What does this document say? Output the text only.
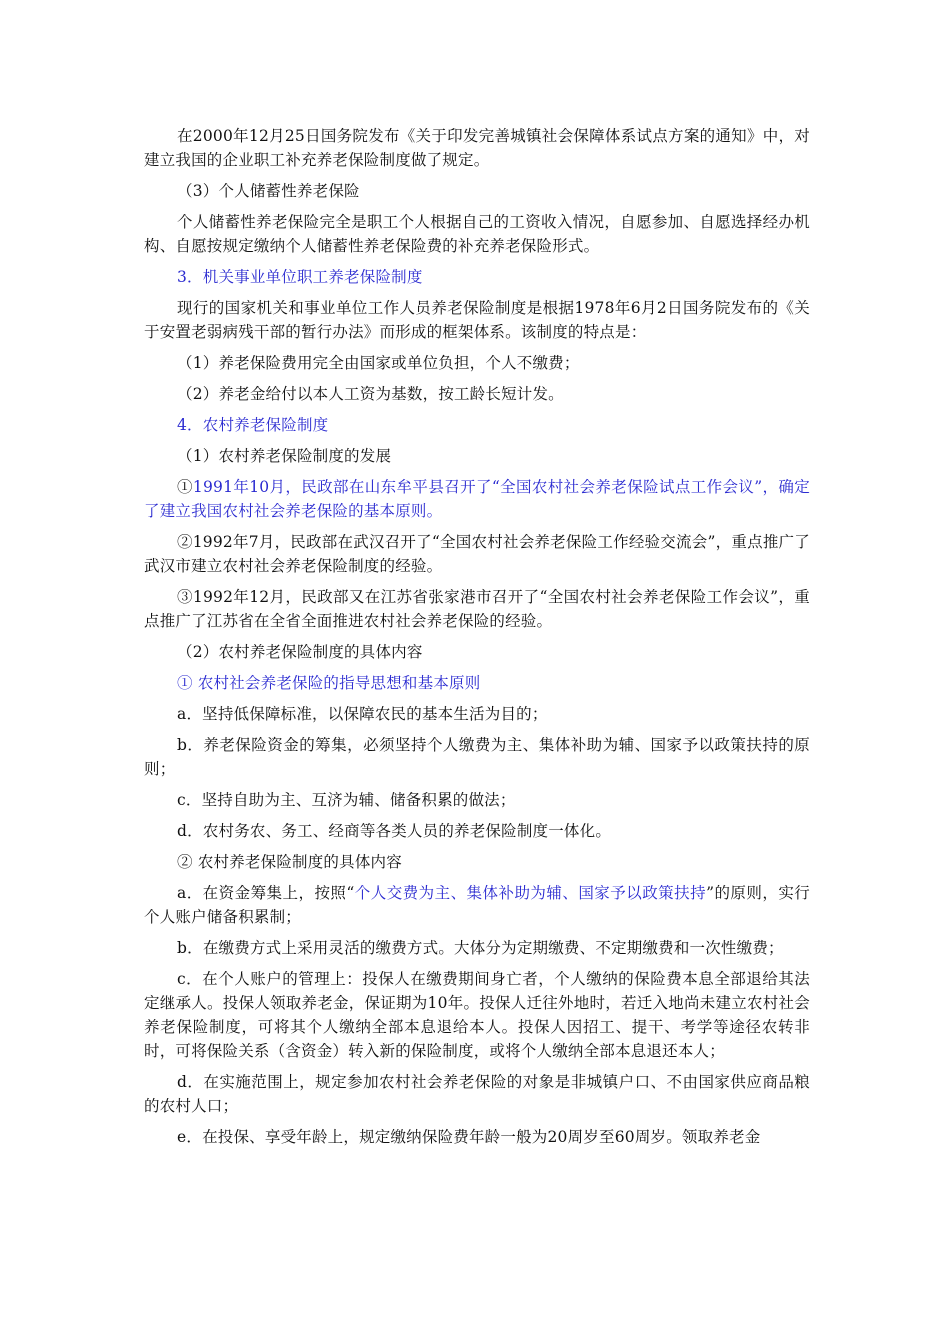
在2000年12月25日国务院发布《关于印发完善城镇社会保障体系试点方案的通知》中，对建立我国的企业职工补充养老保险制度做了规定。

（3）个人储蓄性养老保险

个人储蓄性养老保险完全是职工个人根据自己的工资收入情况，自愿参加、自愿选择经办机构、自愿按规定缴纳个人储蓄性养老保险费的补充养老保险形式。

3．机关事业单位职工养老保险制度

现行的国家机关和事业单位工作人员养老保险制度是根据1978年6月2日国务院发布的《关于安置老弱病残干部的暂行办法》而形成的框架体系。该制度的特点是：

（1）养老保险费用完全由国家或单位负担，个人不缴费；

（2）养老金给付以本人工资为基数，按工龄长短计发。

4．农村养老保险制度

（1）农村养老保险制度的发展

①1991年10月，民政部在山东牟平县召开了“全国农村社会养老保险试点工作会议”，确定了建立我国农村社会养老保险的基本原则。

②1992年7月，民政部在武汉召开了“全国农村社会养老保险工作经验交流会”，重点推广了武汉市建立农村社会养老保险制度的经验。

③1992年12月，民政部又在江苏省张家港市召开了“全国农村社会养老保险工作会议”，重点推广了江苏省在全省全面推进农村社会养老保险的经验。

（2）农村养老保险制度的具体内容

① 农村社会养老保险的指导思想和基本原则

a．坚持低保障标准，以保障农民的基本生活为目的；

b．养老保险资金的筹集，必须坚持个人缴费为主、集体补助为辅、国家予以政策扶持的原则；

c．坚持自助为主、互济为辅、储备积累的做法；

d．农村务农、务工、经商等各类人员的养老保险制度一体化。

② 农村养老保险制度的具体内容

a．在资金筹集上，按照“个人交费为主、集体补助为辅、国家予以政策扶持”的原则，实行个人账户储备积累制；

b．在缴费方式上采用灵活的缴费方式。大体分为定期缴费、不定期缴费和一次性缴费；

c．在个人账户的管理上：投保人在缴费期间身亡者，个人缴纳的保险费本息全部退给其法定继承人。投保人领取养老金，保证期为10年。投保人迁往外地时，若迁入地尚未建立农村社会养老保险制度，可将其个人缴纳全部本息退给本人。投保人因招工、提干、考学等途径农转非时，可将保险关系（含资金）转入新的保险制度，或将个人缴纳全部本息退还本人；

d．在实施范围上，规定参加农村社会养老保险的对象是非城镇户口、不由国家供应商品粮的农村人口；

e．在投保、享受年龄上，规定缴纳保险费年龄一般为20周岁至60周岁。领取养老金
